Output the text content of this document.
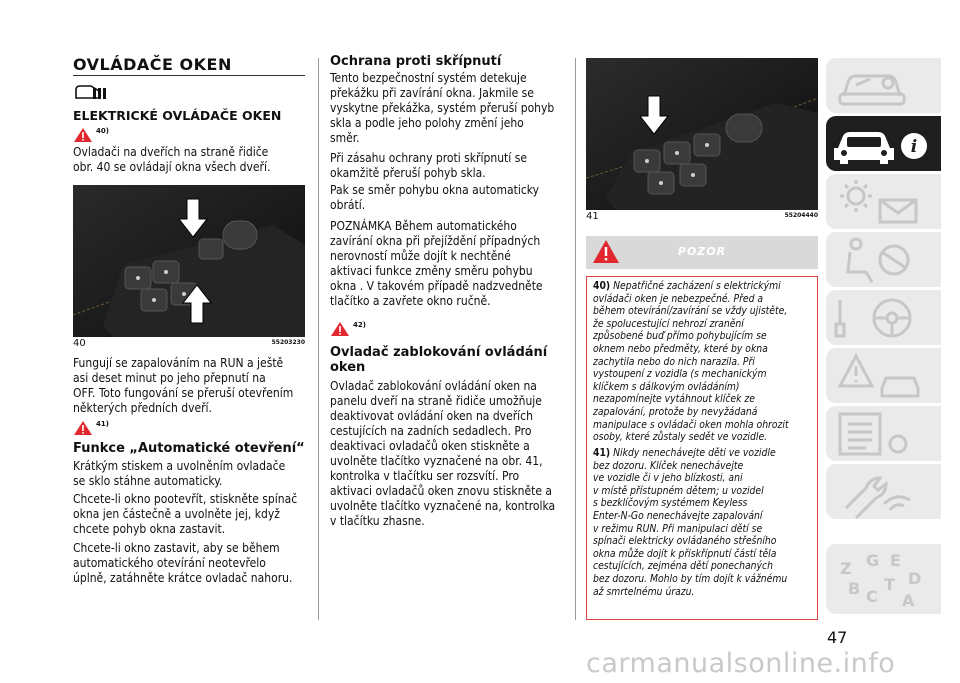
OVLÁDAČE OKEN
ELEKTRICKÉ OVLÁDAČE OKEN
$^{40)}$
Ovladači na dveřích na straně řidiče
obr. 40 se ovládají okna všech dveří.
40	55203230
Fungují se zapalováním na RUN a ještě
asi deset minut po jeho přepnutí na
OFF. Toto fungování se přeruší otevřením
některých předních dveří.
$^{41)}$
Funkce „Automatické otevření“
Krátkým stiskem a uvolněním ovladače
se sklo stáhne automaticky.
Chcete-li okno pootevřít, stiskněte spínač
okna jen částečně a uvolněte jej, když
chcete pohyb okna zastavit.
Chcete-li okno zastavit, aby se během
automatického otevírání neotevřelo
úplně, zatáhněte krátce ovladač nahoru.
Ochrana proti skřípnutí
Tento bezpečnostní systém detekuje
překážku při zavírání okna. Jakmile se
vyskytne překážka, systém přeruší pohyb
skla a podle jeho polohy změní jeho
směr.
Při zásahu ochrany proti skřípnutí se
okamžitě přeruší pohyb skla.
Pak se směr pohybu okna automaticky
obrátí.
POZNÁMKA Během automatického
zavírání okna při přejíždění případných
nerovností může dojít k nechtěné
aktivaci funkce změny směru pohybu
okna . V takovém případě nadzvedněte
tlačítko a zavřete okno ručně.
$^{42)}$
Ovladač zablokování ovládání
oken
Ovladač zablokování ovládání oken na
panelu dveří na straně řidiče umožňuje
deaktivovat ovládání oken na dveřích
cestujících na zadních sedadlech. Pro
deaktivaci ovladačů oken stiskněte a
uvolněte tlačítko vyznačené na obr. 41,
kontrolka v tlačítku ser rozsvítí. Pro
aktivaci ovladačů oken znovu stiskněte a
uvolněte tlačítko vyznačené na, kontrolka
v tlačítku zhasne.
41	55204440
POZOR
40) Nepatřičné zacházení s elektrickými
ovládači oken je nebezpečné. Před a
během otevírání/zavírání se vždy ujistěte,
že spolucestující nehrozí zranění
způsobené buď přímo pohybujícím se
oknem nebo předměty, které by okna
zachytila nebo do nich narazila. Při
vystoupení z vozidla (s mechanickým
klíčkem s dálkovým ovládáním)
nezapomínejte vytáhnout klíček ze
zapalování, protože by nevyžádaná
manipulace s ovládači oken mohla ohrozit
osoby, které zůstaly sedět ve vozidle.
41) Nikdy nenechávejte děti ve vozidle
bez dozoru. Klíček nenechávejte
ve vozidle či v jeho blízkosti, ani
v místě přístupném dětem; u vozidel
s bezklíčovým systémem Keyless
Enter-N-Go nenechávejte zapalování
v režimu RUN. Při manipulaci dětí se
spínači elektricky ovládaného střešního
okna může dojít k přiskřípnutí částí těla
cestujících, zejména dětí ponechaných
bez dozoru. Mohlo by tím dojít k vážnému
až smrtelnému úrazu.
i
Z G
B C
T
E
D
A
47
carmanualsonline.info
